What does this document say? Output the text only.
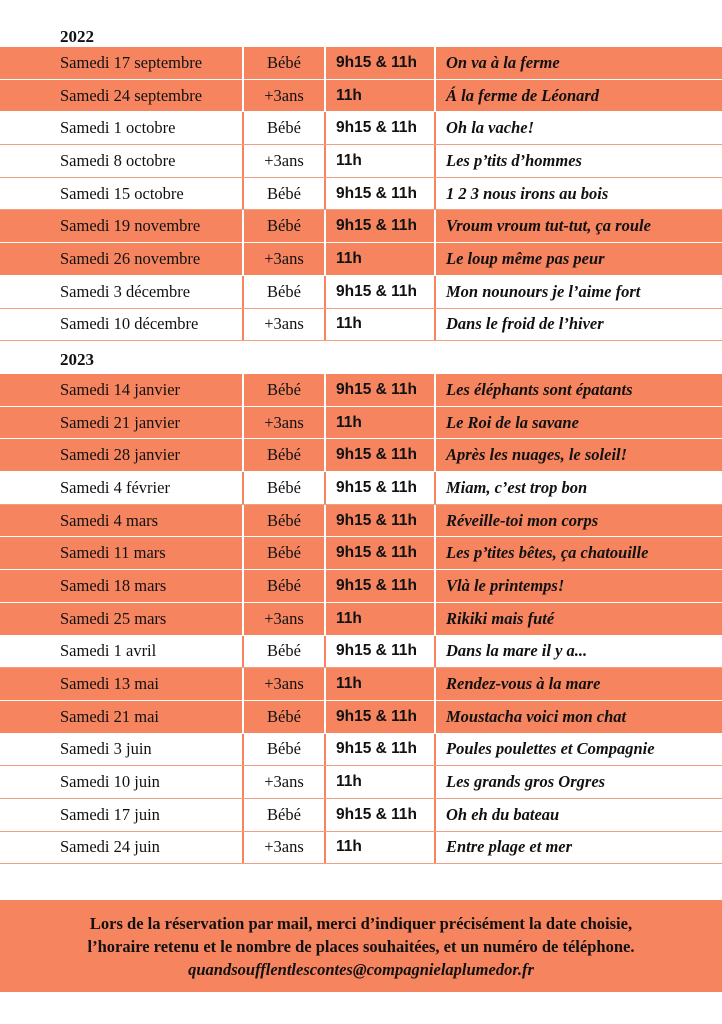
2022
Samedi 17 septembre	Bébé	9h15 & 11h	On va à la ferme
Samedi 24 septembre	+3ans	11h	Á la ferme de Léonard
Samedi 1 octobre	Bébé	9h15 & 11h	Oh la vache!
Samedi 8 octobre	+3ans	11h	Les p’tits d’hommes
Samedi 15 octobre	Bébé	9h15 & 11h	1 2 3 nous irons au bois
Samedi 19 novembre	Bébé	9h15 & 11h	Vroum vroum tut-tut, ça roule
Samedi 26 novembre	+3ans	11h	Le loup même pas peur
Samedi 3 décembre	Bébé	9h15 & 11h	Mon nounours je l’aime fort
Samedi 10 décembre	+3ans	11h	Dans le froid de l’hiver
2023
Samedi 14 janvier	Bébé	9h15 & 11h	Les éléphants sont épatants
Samedi 21 janvier	+3ans	11h	Le Roi de la savane
Samedi 28 janvier	Bébé	9h15 & 11h	Après les nuages, le soleil!
Samedi 4 février	Bébé	9h15 & 11h	Miam, c’est trop bon
Samedi 4 mars	Bébé	9h15 & 11h	Réveille-toi mon corps
Samedi 11 mars	Bébé	9h15 & 11h	Les p’tites bêtes, ça chatouille
Samedi 18 mars	Bébé	9h15 & 11h	Vlà le printemps!
Samedi 25 mars	+3ans	11h	Rikiki mais futé
Samedi 1 avril	Bébé	9h15 & 11h	Dans la mare il y a...
Samedi 13 mai	+3ans	11h	Rendez-vous à la mare
Samedi 21 mai	Bébé	9h15 & 11h	Moustacha voici mon chat
Samedi 3 juin	Bébé	9h15 & 11h	Poules poulettes et Compagnie
Samedi 10 juin	+3ans	11h	Les grands gros Orgres
Samedi 17 juin	Bébé	9h15 & 11h	Oh eh du bateau
Samedi 24 juin	+3ans	11h	Entre plage et mer
Lors de la réservation par mail, merci d’indiquer précisément la date choisie,
l’horaire retenu et le nombre de places souhaitées, et un numéro de téléphone.
quandsoufflentlescontes@compagnielaplumedor.fr
